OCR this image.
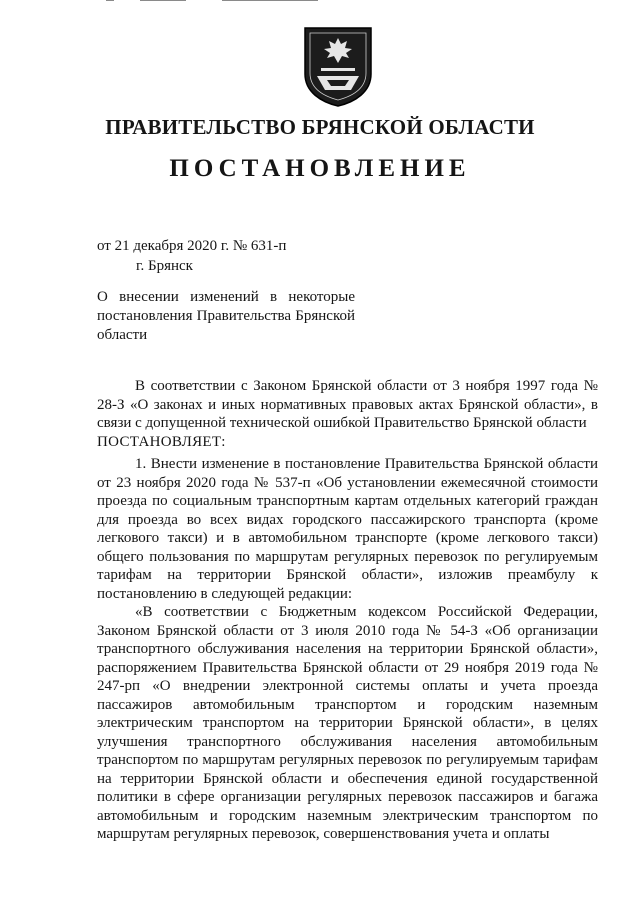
ПРАВИТЕЛЬСТВО БРЯНСКОЙ ОБЛАСТИ
ПОСТАНОВЛЕНИЕ
от 21 декабря 2020 г. № 631-п
г. Брянск

О внесении изменений в некоторые постановления Правительства Брянской области

В соответствии с Законом Брянской области от 3 ноября 1997 года № 28-З «О законах и иных нормативных правовых актах Брянской области», в связи с допущенной технической ошибкой Правительство Брянской области

ПОСТАНОВЛЯЕТ:

1. Внести изменение в постановление Правительства Брянской области от 23 ноября 2020 года № 537-п «Об установлении ежемесячной стоимости проезда по социальным транспортным картам отдельных категорий граждан для проезда во всех видах городского пассажирского транспорта (кроме легкового такси) и в автомобильном транспорте (кроме легкового такси) общего пользования по маршрутам регулярных перевозок по регулируемым тарифам на территории Брянской области», изложив преамбулу к постановлению в следующей редакции:

«В соответствии с Бюджетным кодексом Российской Федерации, Законом Брянской области от 3 июля 2010 года № 54-З «Об организации транспортного обслуживания населения на территории Брянской области», распоряжением Правительства Брянской области от 29 ноября 2019 года № 247-рп «О внедрении электронной системы оплаты и учета проезда пассажиров автомобильным транспортом и городским наземным электрическим транспортом на территории Брянской области», в целях улучшения транспортного обслуживания населения автомобильным транспортом по маршрутам регулярных перевозок по регулируемым тарифам на территории Брянской области и обеспечения единой государственной политики в сфере организации регулярных перевозок пассажиров и багажа автомобильным и городским наземным электрическим транспортом по маршрутам регулярных перевозок, совершенствования учета и оплаты
